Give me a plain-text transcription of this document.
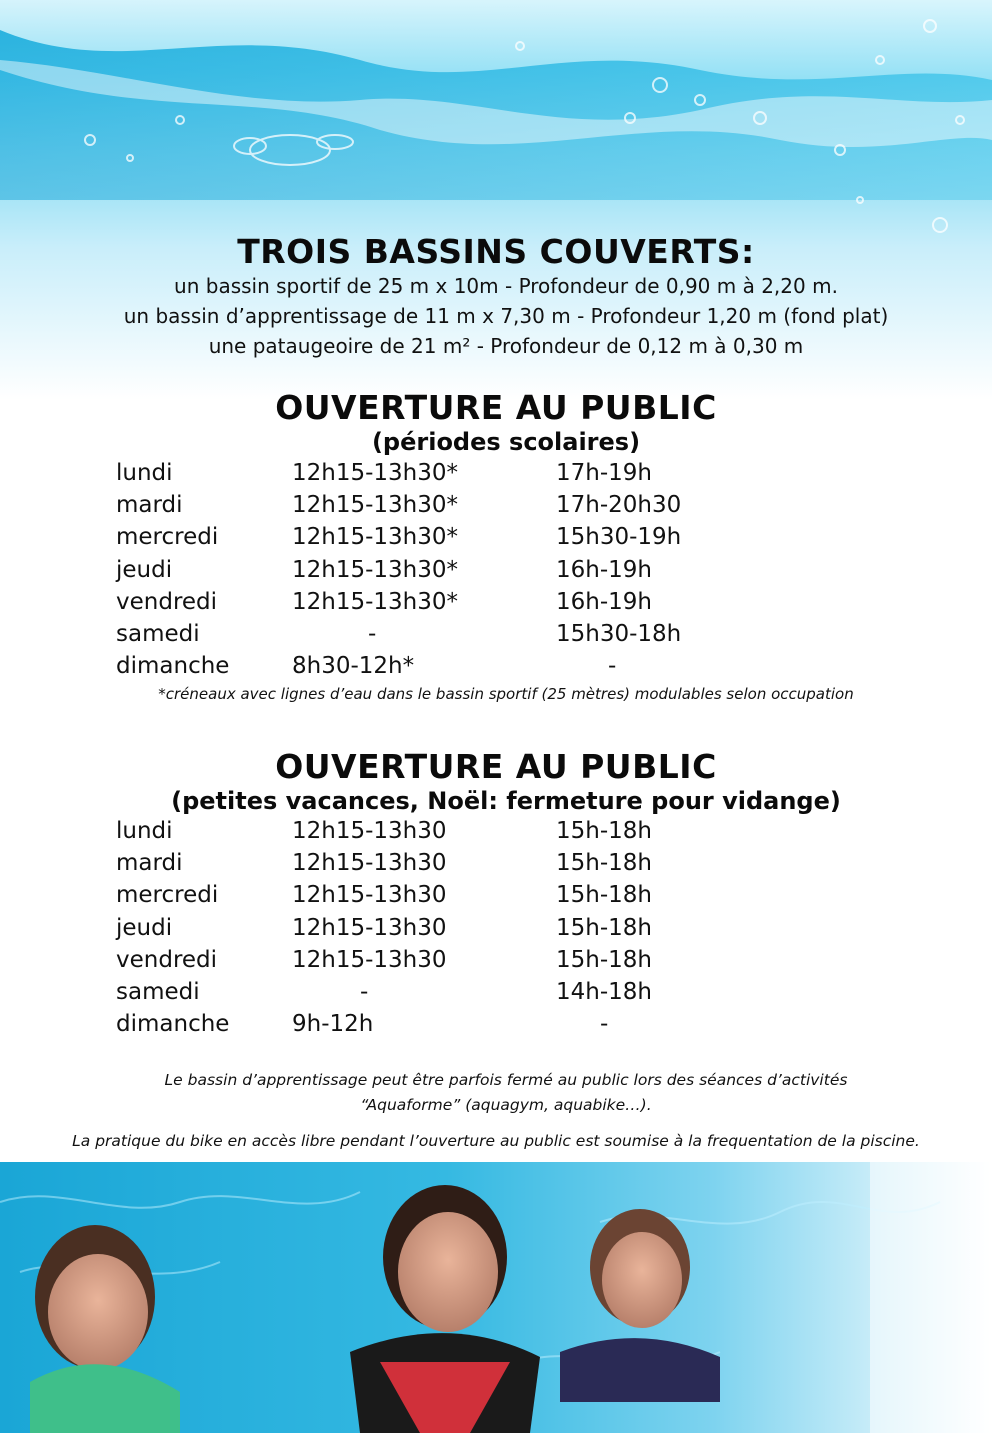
TROIS BASSINS COUVERTS:
un bassin sportif de 25 m x 10m - Profondeur de 0,90 m à 2,20 m.
un bassin d’apprentissage de 11 m x 7,30 m - Profondeur 1,20 m (fond plat)
une pataugeoire de 21 m² - Profondeur de 0,12 m à 0,30 m
OUVERTURE AU PUBLIC
(périodes scolaires)
lundi	12h15-13h30*	17h-19h
mardi	12h15-13h30*	17h-20h30
mercredi	12h15-13h30*	15h30-19h
jeudi	12h15-13h30*	16h-19h
vendredi	12h15-13h30*	16h-19h
samedi	-	15h30-18h
dimanche	8h30-12h*	-
*créneaux avec lignes d’eau dans le bassin sportif (25 mètres) modulables selon occupation
OUVERTURE AU PUBLIC
(petites vacances, Noël: fermeture pour vidange)
lundi	12h15-13h30	15h-18h
mardi	12h15-13h30	15h-18h
mercredi	12h15-13h30	15h-18h
jeudi	12h15-13h30	15h-18h
vendredi	12h15-13h30	15h-18h
samedi	-	14h-18h
dimanche	9h-12h	-
Le bassin d’apprentissage peut être parfois fermé au public lors des séances d’activités
“Aquaforme” (aquagym, aquabike…).
La pratique du bike en accès libre pendant l’ouverture au public est soumise à la frequentation de la piscine.
